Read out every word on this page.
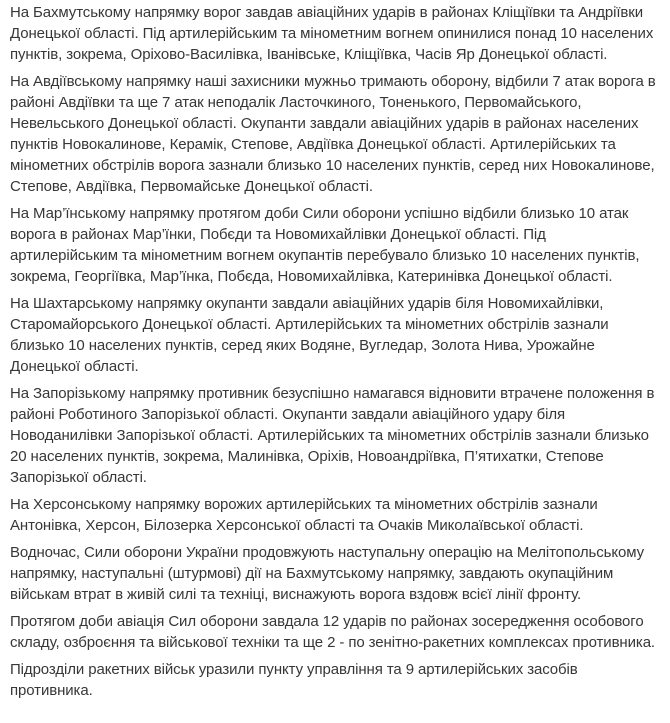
На Бахмутському напрямку ворог завдав авіаційних ударів в районах Кліщіївки та Андріївки Донецької області. Під артилерійським та мінометним вогнем опинилися понад 10 населених пунктів, зокрема, Оріхово-Василівка, Іванівське, Кліщіївка, Часів Яр Донецької області.

На Авдіївському напрямку наші захисники мужньо тримають оборону, відбили 7 атак ворога в районі Авдіївки та ще 7 атак неподалік Ласточкиного, Тоненького, Первомайського, Невельського Донецької області. Окупанти завдали авіаційних ударів в районах населених пунктів Новокалинове, Керамік, Степове, Авдіївка Донецької області. Артилерійських та мінометних обстрілів ворога зазнали близько 10 населених пунктів, серед них Новокалинове, Степове, Авдіївка, Первомайське Донецької області.

На Мар’їнському напрямку протягом доби Сили оборони успішно відбили близько 10 атак ворога в районах Мар’їнки, Побєди та Новомихайлівки Донецької області. Під артилерійським та мінометним вогнем окупантів перебувало близько 10 населених пунктів, зокрема, Георгіївка, Мар’їнка, Побєда, Новомихайлівка, Катеринівка Донецької області.

На Шахтарському напрямку окупанти завдали авіаційних ударів біля Новомихайлівки, Старомайорського Донецької області. Артилерійських та мінометних обстрілів зазнали близько 10 населених пунктів, серед яких Водяне, Вугледар, Золота Нива, Урожайне Донецької області.

На Запорізькому напрямку противник безуспішно намагався відновити втрачене положення в районі Роботиного Запорізької області. Окупанти завдали авіаційного удару біля Новоданилівки Запорізької області. Артилерійських та мінометних обстрілів зазнали близько 20 населених пунктів, зокрема, Малинівка, Оріхів, Новоандріївка, П’ятихатки, Степове Запорізької області.

На Херсонському напрямку ворожих артилерійських та мінометних обстрілів зазнали Антонівка, Херсон, Білозерка Херсонської області та Очаків Миколаївської області.

Водночас, Сили оборони України продовжують наступальну операцію на Мелітопольському напрямку, наступальні (штурмові) дії на Бахмутському напрямку, завдають окупаційним військам втрат в живій силі та техніці, виснажують ворога вздовж всієї лінії фронту.

Протягом доби авіація Сил оборони завдала 12 ударів по районах зосередження особового складу, озброєння та військової техніки та ще 2 - по зенітно-ракетних комплексах противника.

Підрозділи ракетних військ уразили пункту управління та 9 артилерійських засобів противника.
